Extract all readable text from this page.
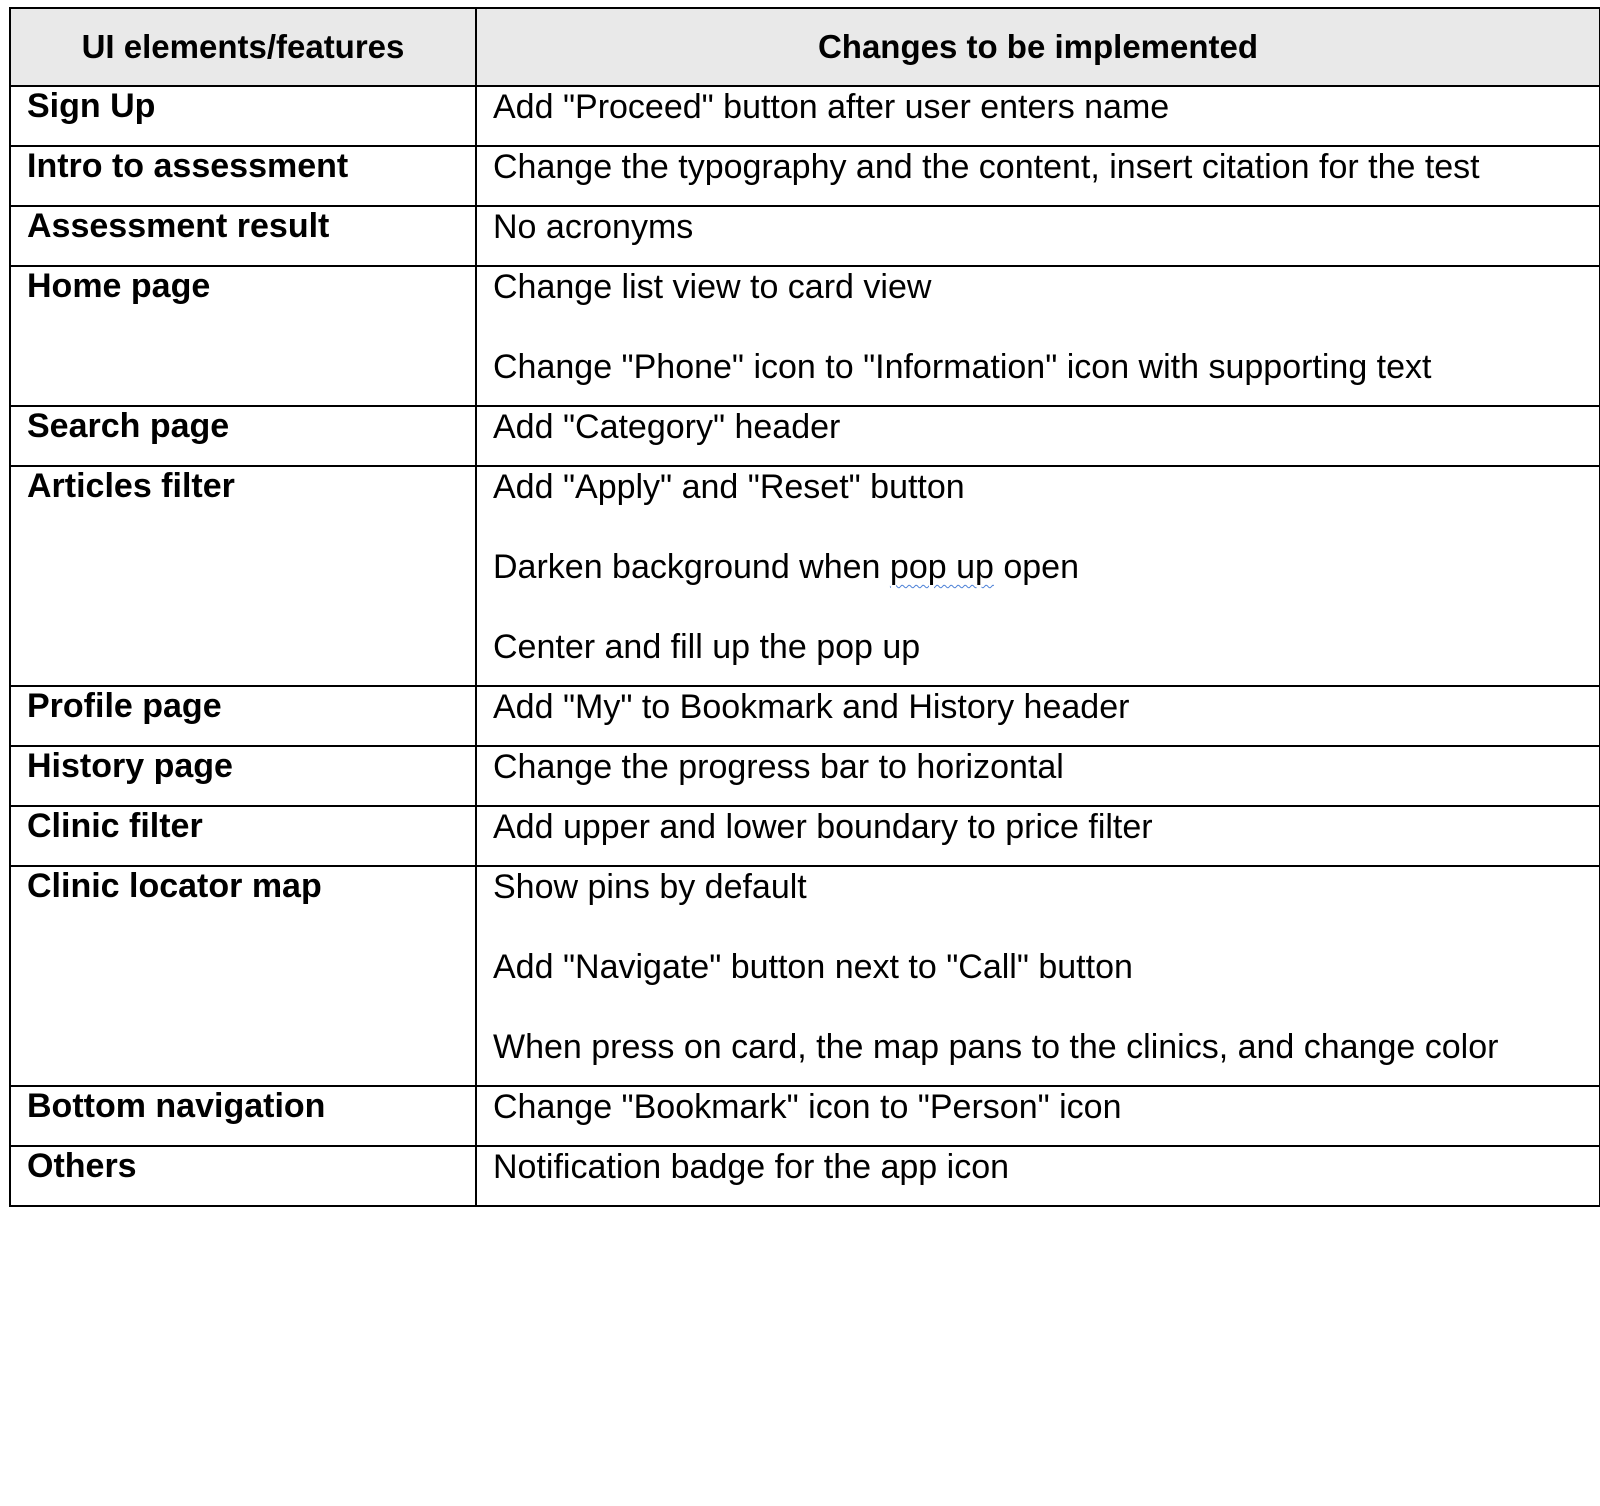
UI elements/features	Changes to be implemented
Sign Up	Add "Proceed" button after user enters name

Intro to assessment	Change the typography and the content, insert citation for the test

Assessment result	No acronyms

Home page	Change list view to card view
Change "Phone" icon to "Information" icon with supporting text

Search page	Add "Category" header

Articles filter	Add "Apply" and "Reset" button
Darken background when pop up open
Center and fill up the pop up

Profile page	Add "My" to Bookmark and History header

History page	Change the progress bar to horizontal

Clinic filter	Add upper and lower boundary to price filter

Clinic locator map	Show pins by default
Add "Navigate" button next to "Call" button
When press on card, the map pans to the clinics, and change color

Bottom navigation	Change "Bookmark" icon to "Person" icon

Others	Notification badge for the app icon
